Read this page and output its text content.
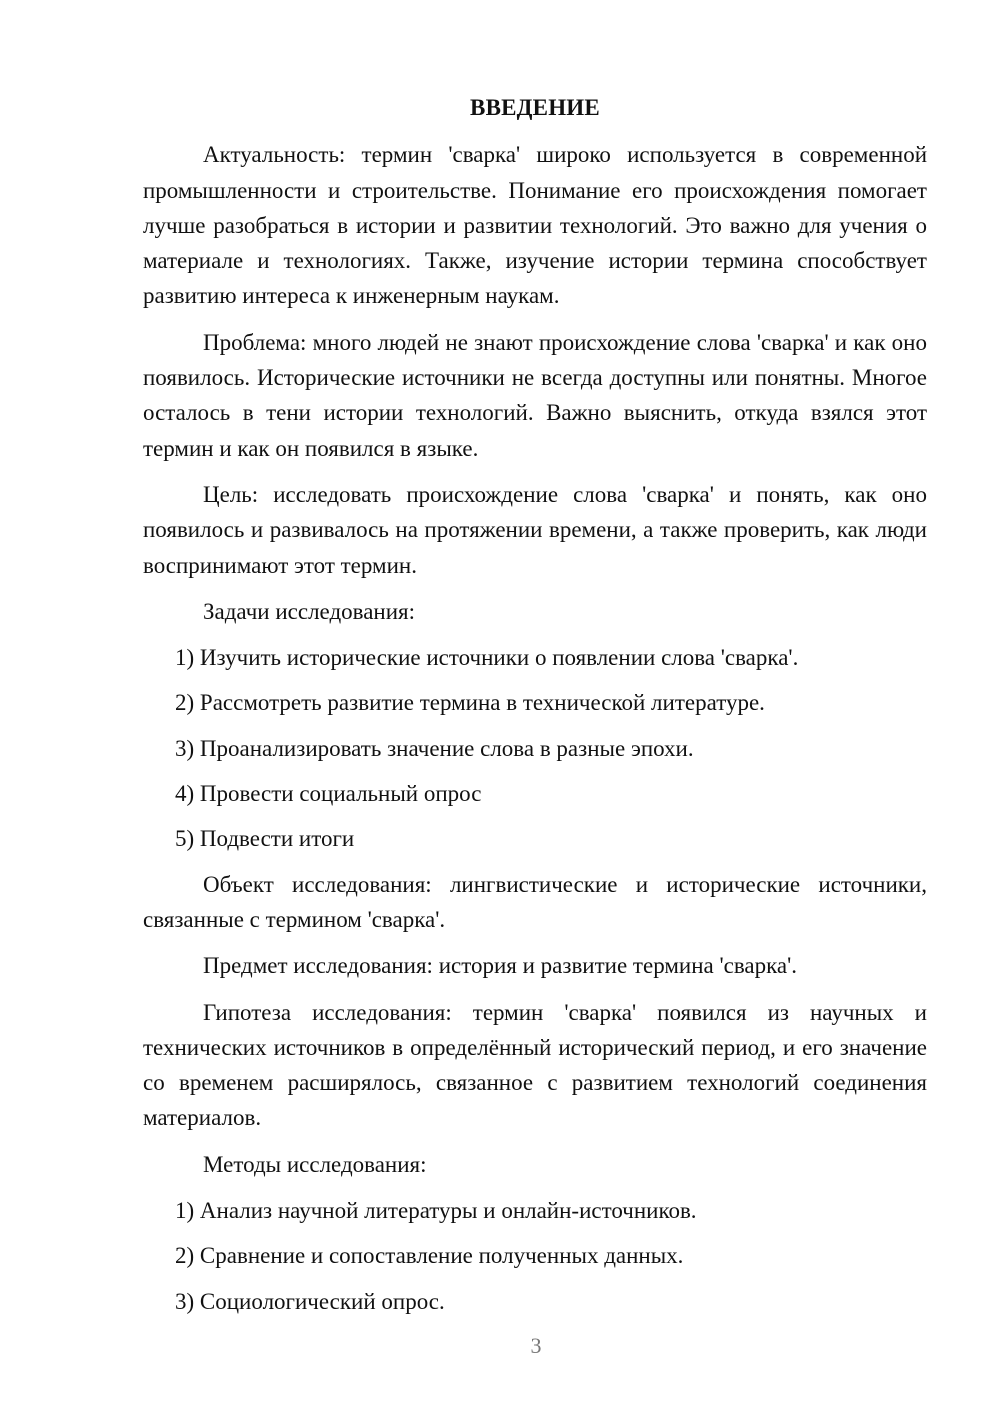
ВВЕДЕНИЕ
Актуальность: термин 'сварка' широко используется в современной промышленности и строительстве. Понимание его происхождения помогает лучше разобраться в истории и развитии технологий. Это важно для учения о материале и технологиях. Также, изучение истории термина способствует развитию интереса к инженерным наукам.
Проблема: много людей не знают происхождение слова 'сварка' и как оно появилось. Исторические источники не всегда доступны или понятны. Многое осталось в тени истории технологий. Важно выяснить, откуда взялся этот термин и как он появился в языке.
Цель: исследовать происхождение слова 'сварка' и понять, как оно появилось и развивалось на протяжении времени, а также проверить, как люди воспринимают этот термин.
Задачи исследования:
1) Изучить исторические источники о появлении слова 'сварка'.
2) Рассмотреть развитие термина в технической литературе.
3) Проанализировать значение слова в разные эпохи.
4) Провести социальный опрос
5) Подвести итоги
Объект исследования: лингвистические и исторические источники, связанные с термином 'сварка'.
Предмет исследования: история и развитие термина 'сварка'.
Гипотеза исследования: термин 'сварка' появился из научных и технических источников в определённый исторический период, и его значение со временем расширялось, связанное с развитием технологий соединения материалов.
Методы исследования:
1) Анализ научной литературы и онлайн-источников.
2) Сравнение и сопоставление полученных данных.
3) Социологический опрос.
3
